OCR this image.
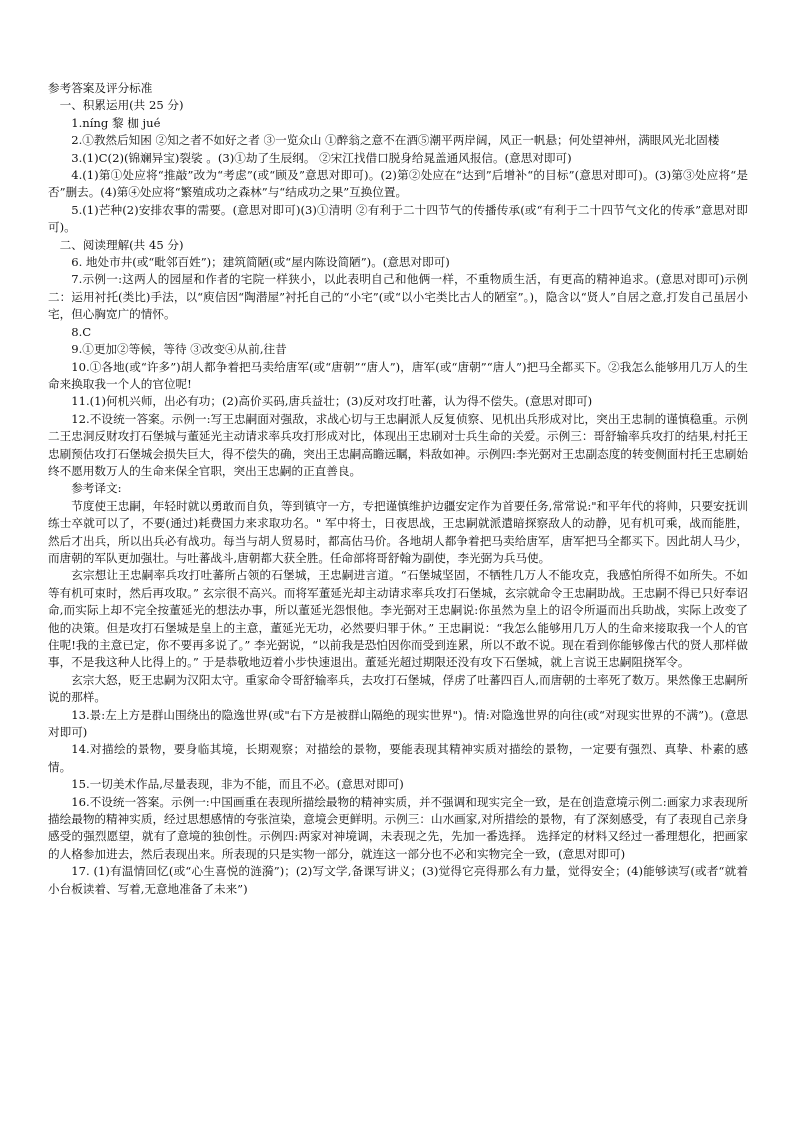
参考答案及评分标准

一、积累运用(共 25 分)

1.níng 黎 枷 jué

2.①教然后知困 ②知之者不如好之者 ③一览众山 ①醉翁之意不在酒⑤潮平两岸阔，风正一帆悬；何处望神州，满眼风光北固楼

3.(1)C(2)(锦斓异宝)裂裟 。(3)①劫了生辰纲。 ②宋江找借口脱身给晁盖通风报信。(意思对即可)

4.(1)第①处应将“推敲”改为“考虑”(或“顾及”意思对即可)。(2)第②处应在“达到”后增补“的目标”(意思对即可)。(3)第③处应将“是否”删去。(4)第④处应将“繁殖成功之森林”与“结成功之果”互换位置。

5.(1)芒种(2)安排农事的需要。(意思对即可)(3)①清明 ②有利于二十四节气的传播传承(或“有利于二十四节气文化的传承”意思对即可)。

二、阅读理解(共 45 分)

6. 地处市井(或“毗邻百姓”)；建筑简陋(或“屋内陈设简陋”)。(意思对即可)

7.示例一:这两人的园屋和作者的宅院一样狭小，以此表明自己和他俩一样，不重物质生活，有更高的精神追求。(意思对即可)示例二：运用衬托(类比)手法，以“庾信因“陶潜屋”衬托自己的“小宅”(或“以小宅类比古人的陋室”。)，隐含以“贤人”自居之意,打发自己虽居小宅，但心胸宽广的情怀。

8.C

9.①更加②等候，等待 ③改变④从前,往昔

10.①各地(或“许多”)胡人都争着把马卖给唐军(或“唐朝”“唐人”)，唐军(或“唐朝”“唐人”)把马全都买下。②我怎么能够用几万人的生命来换取我一个人的官位呢!

11.(1)何机兴师，出必有功；(2)高价买码,唐兵益壮；(3)反对攻打吐蕃，认为得不偿失。(意思对即可)

12.不设统一答案。示例一:写王忠嗣面对强敌，求战心切与王忠嗣派人反复侦察、见机出兵形成对比，突出王忠制的谨慎稳重。示例二王忠洞反财攻打石堡城与董延光主动请求率兵攻打形成对比，体现出王忠刷对士兵生命的关爱。示例三：哥舒输率兵攻打的结果,村托王忠刷预估攻打石堡城会损失巨大，得不偿失的确，突出王忠嗣高瞻远瞩，料敌如神。示例四:李光弼对王忠副态度的转变侧面村托王忠刷始终不愿用数万人的生命来保全官职，突出王忠嗣的正直善良。

参考译文:

节度使王忠嗣，年轻时就以勇敢而自负，等到镇守一方，专把谨慎维护边疆安定作为首要任务,常常说:"和平年代的将帅，只要安抚训练士卒就可以了，不要(通过)耗费国力来求取功名。" 军中将士，日夜思战，王忠嗣就派遣暗探察敌人的动静，见有机可乘，战而能胜，然后才出兵，所以出兵必有战功。每当与胡人贸易时，都高估马价。各地胡人都争着把马卖给唐军，唐军把马全都买下。因此胡人马少，而唐朝的军队更加强壮。与吐蕃战斗,唐朝都大获全胜。任命部将哥舒翰为副使，李光弼为兵马使。

玄宗想让王忠嗣率兵攻打吐蕃所占领的石堡城，王忠嗣进言道。“石堡城坚固，不牺牲几万人不能攻克，我感怕所得不如所失。不如等有机可束时，然后再攻取。” 玄宗很不高兴。而将军董延光却主动请求率兵攻打石堡城，玄宗就命令王忠嗣助战。王忠嗣不得已只好奉诏命,而实际上却不完全按董延光的想法办事，所以董延光怨恨他。李光弼对王忠嗣说:你虽然为皇上的诏令所逼而出兵助战，实际上改变了他的决策。但是攻打石堡城是皇上的主意，董延光无功，必然要归罪于休。” 王忠嗣说：“我怎么能够用几万人的生命来接取我一个人的官住呢!我的主意已定，你不要再多说了。” 李光弼说，“以前我是恐怕因你而受到连累，所以不敢不说。现在看到你能够像古代的贤人那样做事，不是我这种人比得上的。” 于是恭敬地迈着小步快速退出。董延光超过期限还没有攻下石堡城，就上言说王忠嗣阻挠军令。

玄宗大怒，贬王忠嗣为汉阳太守。重家命令哥舒输率兵，去攻打石堡城，俘虏了吐蕃四百人,而唐朝的士率死了数万。果然像王忠嗣所说的那样。

13.景:左上方是群山围绕出的隐逸世界(或"右下方是被群山隔绝的现实世界")。情:对隐逸世界的向往(或“对现实世界的不满”)。(意思对即可)

14.对描绘的景物，要身临其境，长期观察；对描绘的景物，要能表现其精神实质对描绘的景物，一定要有强烈、真挚、朴素的感情。

15.一切美术作品,尽量表现，非为不能，而且不必。(意思对即可)

16.不设统一答案。示例一:中国画重在表现所描绘最物的精神实质，并不强调和现实完全一致，是在创造意境示例二:画家力求表现所描绘最物的精神实质，经过思想感情的夸张渲染，意境会更鲜明。示例三：山水画家,对所措绘的景物，有了深刻感受，有了表现自己亲身感受的强烈愿望，就有了意境的独创性。示例四:两家对神境调，未表现之先，先加一番选择。 选择定的材料又经过一番理想化，把画家的人格参加进去，然后表现出来。所表现的只是实物一部分，就连这一部分也不必和实物完全一致，(意思对即可)

17. (1)有温情回忆(或“心生喜悦的涟漪”)；(2)写文学,备课写讲义；(3)觉得它亮得那么有力量，觉得安全；(4)能够读写(或者“就着小台板读着、写着,无意地准备了未来”)
